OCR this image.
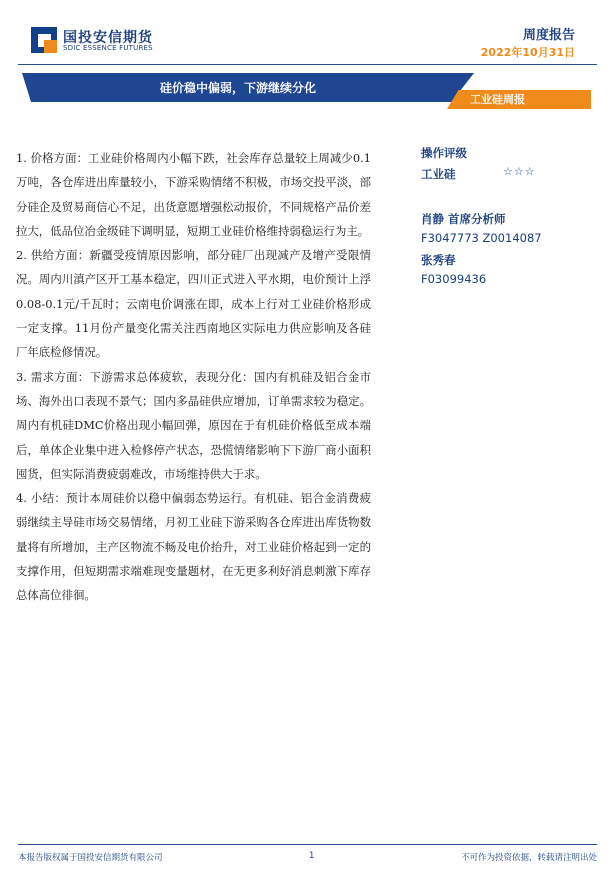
国投安信期货
SDIC ESSENCE FUTURES
周度报告
2022年10月31日
硅价稳中偏弱，下游继续分化
工业硅周报

1. 价格方面：工业硅价格周内小幅下跌，社会库存总量较上周减少0.1万吨，各仓库进出库量较小，下游采购情绪不积极，市场交投平淡，部分硅企及贸易商信心不足，出货意愿增强松动报价，不同规格产品价差拉大，低品位冶金级硅下调明显，短期工业硅价格维持弱稳运行为主。

2. 供给方面：新疆受疫情原因影响，部分硅厂出现减产及增产受限情况。周内川滇产区开工基本稳定，四川正式进入平水期，电价预计上浮0.08-0.1元/千瓦时；云南电价调涨在即，成本上行对工业硅价格形成一定支撑。11月份产量变化需关注西南地区实际电力供应影响及各硅厂年底检修情况。

3. 需求方面：下游需求总体疲软，表现分化：国内有机硅及铝合金市场、海外出口表现不景气；国内多晶硅供应增加，订单需求较为稳定。周内有机硅DMC价格出现小幅回弹，原因在于有机硅价格低至成本端后，单体企业集中进入检修停产状态，恐慌情绪影响下下游厂商小面积囤货，但实际消费疲弱难改，市场维持供大于求。

4. 小结：预计本周硅价以稳中偏弱态势运行。有机硅、铝合金消费疲弱继续主导硅市场交易情绪，月初工业硅下游采购各仓库进出库货物数量将有所增加，主产区物流不畅及电价抬升，对工业硅价格起到一定的支撑作用，但短期需求端难现变量题材，在无更多利好消息刺激下库存总体高位徘徊。

操作评级
工业硅	☆☆☆
肖静 首席分析师
F3047773 Z0014087
张秀春
F03099436
本报告版权属于国投安信期货有限公司	1	不可作为投资依据，转载请注明出处
